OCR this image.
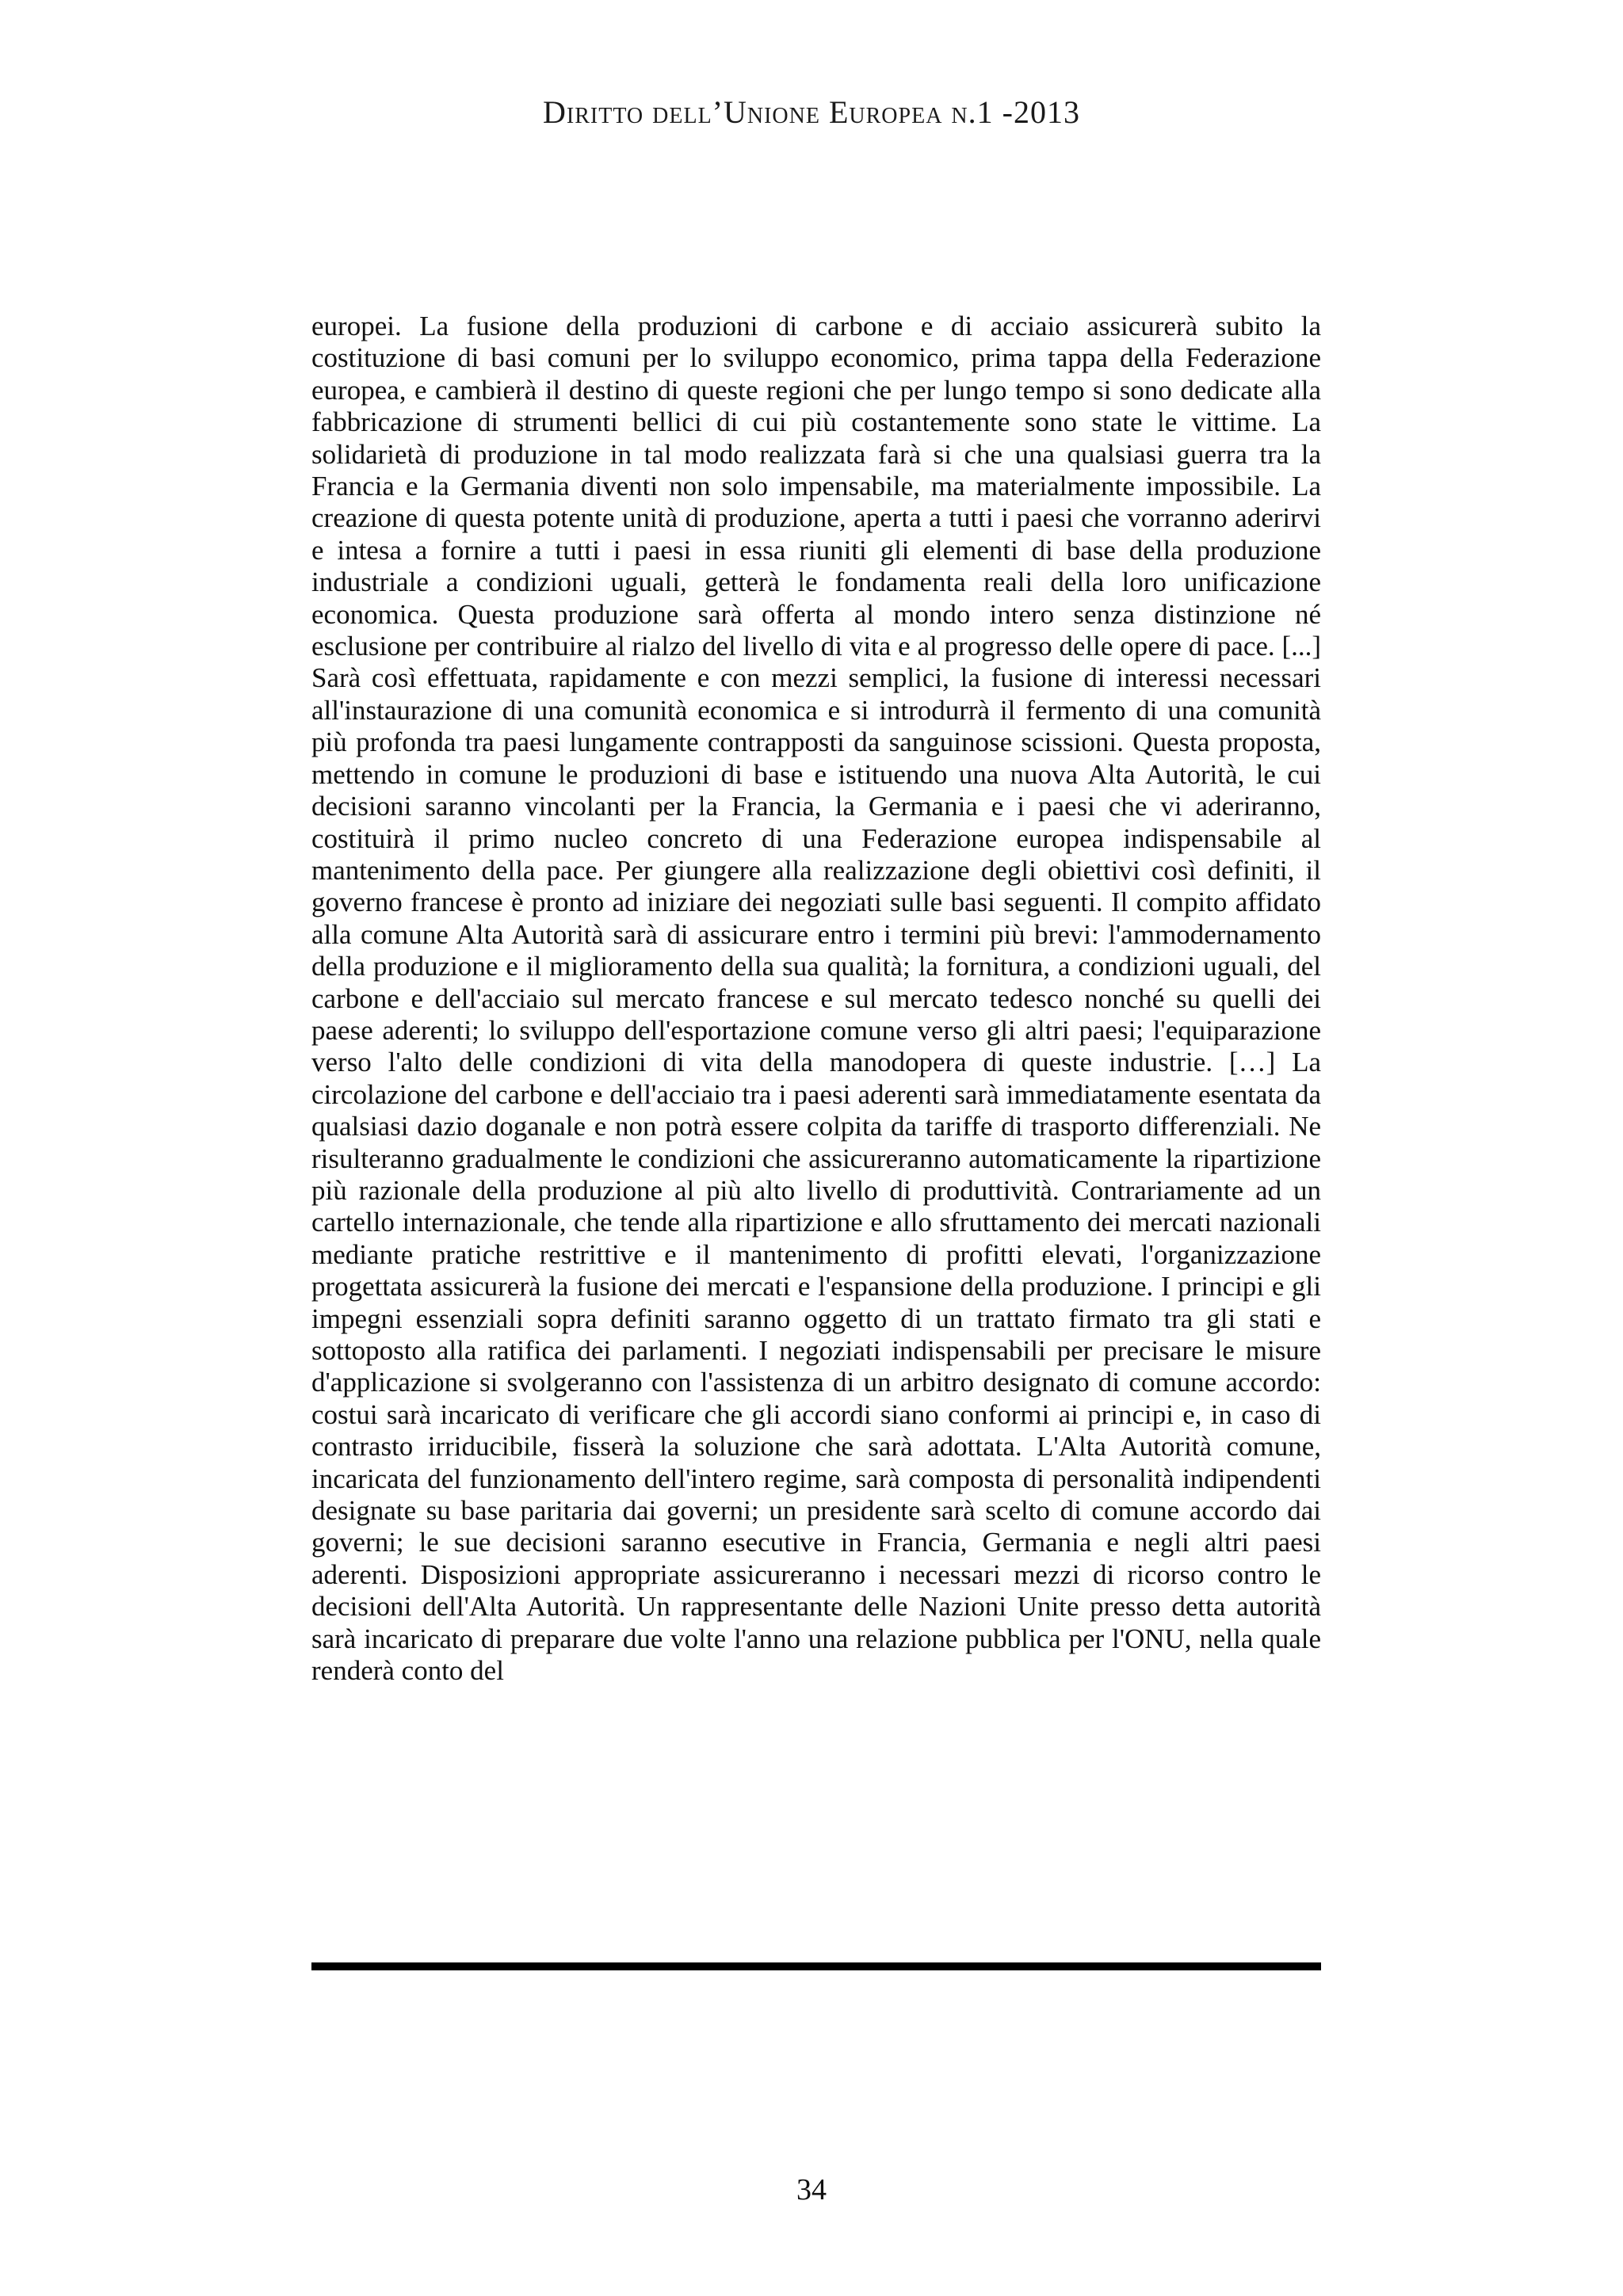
Diritto dell’Unione Europea n.1 -2013

europei. La fusione della produzioni di carbone e di acciaio assicurerà subito la costituzione di basi comuni per lo sviluppo economico, prima tappa della Federazione europea, e cambierà il destino di queste regioni che per lungo tempo si sono dedicate alla fabbricazione di strumenti bellici di cui più costantemente sono state le vittime. La solidarietà di produzione in tal modo realizzata farà si che una qualsiasi guerra tra la Francia e la Germania diventi non solo impensabile, ma materialmente impossibile. La creazione di questa potente unità di produzione, aperta a tutti i paesi che vorranno aderirvi e intesa a fornire a tutti i paesi in essa riuniti gli elementi di base della produzione industriale a condizioni uguali, getterà le fondamenta reali della loro unificazione economica. Questa produzione sarà offerta al mondo intero senza distinzione né esclusione per contribuire al rialzo del livello di vita e al progresso delle opere di pace. [...] Sarà così effettuata, rapidamente e con mezzi semplici, la fusione di interessi necessari all'instaurazione di una comunità economica e si introdurrà il fermento di una comunità più profonda tra paesi lungamente contrapposti da sanguinose scissioni. Questa proposta, mettendo in comune le produzioni di base e istituendo una nuova Alta Autorità, le cui decisioni saranno vincolanti per la Francia, la Germania e i paesi che vi aderiranno, costituirà il primo nucleo concreto di una Federazione europea indispensabile al mantenimento della pace. Per giungere alla realizzazione degli obiettivi così definiti, il governo francese è pronto ad iniziare dei negoziati sulle basi seguenti. Il compito affidato alla comune Alta Autorità sarà di assicurare entro i termini più brevi: l'ammodernamento della produzione e il miglioramento della sua qualità; la fornitura, a condizioni uguali, del carbone e dell'acciaio sul mercato francese e sul mercato tedesco nonché su quelli dei paese aderenti; lo sviluppo dell'esportazione comune verso gli altri paesi; l'equiparazione verso l'alto delle condizioni di vita della manodopera di queste industrie. […] La circolazione del carbone e dell'acciaio tra i paesi aderenti sarà immediatamente esentata da qualsiasi dazio doganale e non potrà essere colpita da tariffe di trasporto differenziali. Ne risulteranno gradualmente le condizioni che assicureranno automaticamente la ripartizione più razionale della produzione al più alto livello di produttività. Contrariamente ad un cartello internazionale, che tende alla ripartizione e allo sfruttamento dei mercati nazionali mediante pratiche restrittive e il mantenimento di profitti elevati, l'organizzazione progettata assicurerà la fusione dei mercati e l'espansione della produzione. I principi e gli impegni essenziali sopra definiti saranno oggetto di un trattato firmato tra gli stati e sottoposto alla ratifica dei parlamenti. I negoziati indispensabili per precisare le misure d'applicazione si svolgeranno con l'assistenza di un arbitro designato di comune accordo: costui sarà incaricato di verificare che gli accordi siano conformi ai principi e, in caso di contrasto irriducibile, fisserà la soluzione che sarà adottata. L'Alta Autorità comune, incaricata del funzionamento dell'intero regime, sarà composta di personalità indipendenti designate su base paritaria dai governi; un presidente sarà scelto di comune accordo dai governi; le sue decisioni saranno esecutive in Francia, Germania e negli altri paesi aderenti. Disposizioni appropriate assicureranno i necessari mezzi di ricorso contro le decisioni dell'Alta Autorità. Un rappresentante delle Nazioni Unite presso detta autorità sarà incaricato di preparare due volte l'anno una relazione pubblica per l'ONU, nella quale renderà conto del

34
